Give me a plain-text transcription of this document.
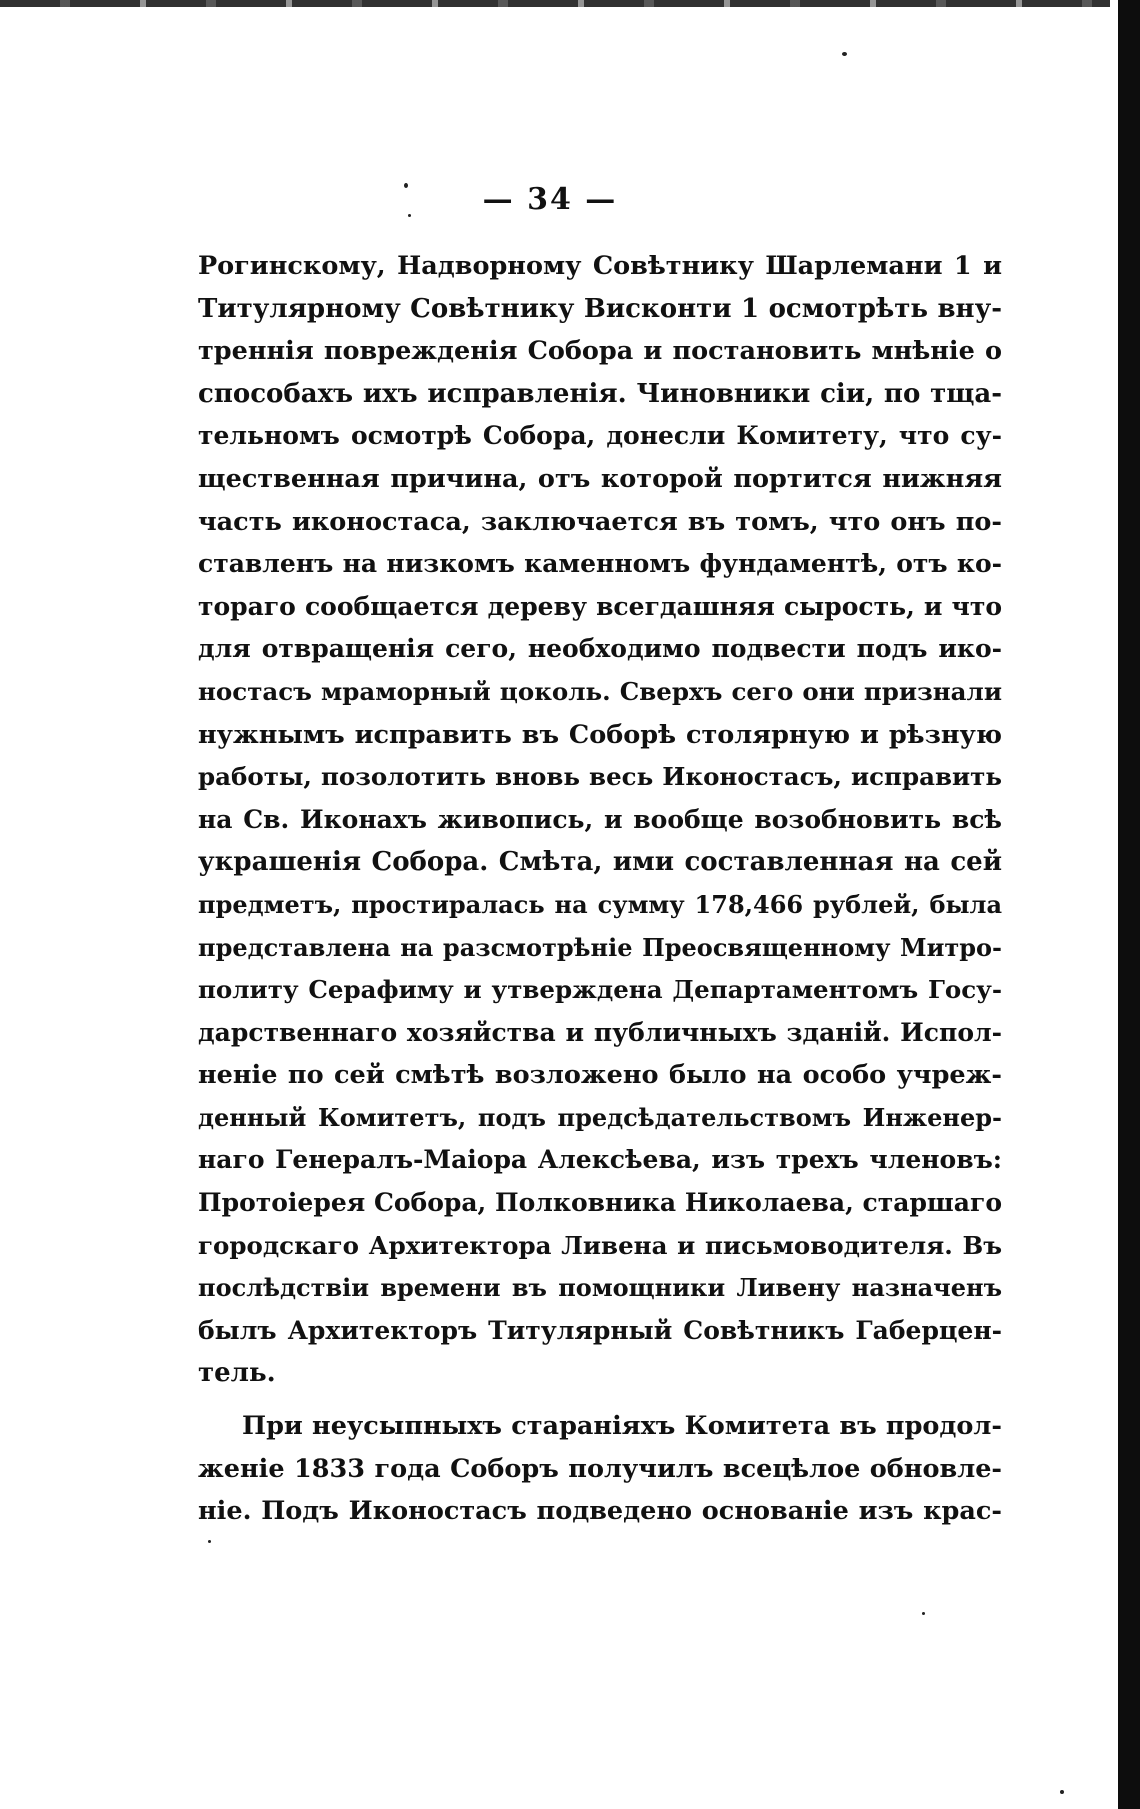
— 34 —
Рогинскому, Надворному Совѣтнику Шарлемани 1 и
Титулярному Совѣтнику Висконти 1 осмотрѣть вну-
треннія поврежденія Собора и постановить мнѣніе о
способахъ ихъ исправленія. Чиновники сіи, по тща-
тельномъ осмотрѣ Собора, донесли Комитету, что су-
щественная причина, отъ которой портится нижняя
часть иконостаса, заключается въ томъ, что онъ по-
ставленъ на низкомъ каменномъ фундаментѣ, отъ ко-
тораго сообщается дереву всегдашняя сырость, и что
для отвращенія сего, необходимо подвести подъ ико-
ностасъ мраморный цоколь. Сверхъ сего они признали
нужнымъ исправить въ Соборѣ столярную и рѣзную
работы, позолотить вновь весь Иконостасъ, исправить
на Св. Иконахъ живопись, и вообще возобновить всѣ
украшенія Собора. Смѣта, ими составленная на сей
предметъ, простиралась на сумму 178,466 рублей, была
представлена на разсмотрѣніе Преосвященному Митро-
политу Серафиму и утверждена Департаментомъ Госу-
дарственнаго хозяйства и публичныхъ зданій. Испол-
неніе по сей смѣтѣ возложено было на особо учреж-
денный Комитетъ, подъ предсѣдательствомъ Инженер-
наго Генералъ-Маіора Алексѣева, изъ трехъ членовъ:
Протоіерея Собора, Полковника Николаева, старшаго
городскаго Архитектора Ливена и письмоводителя. Въ
послѣдствіи времени въ помощники Ливену назначенъ
былъ Архитекторъ Титулярный Совѣтникъ Габерцен-
тель.
При неусыпныхъ стараніяхъ Комитета въ продол-
женіе 1833 года Соборъ получилъ всецѣлое обновле-
ніе. Подъ Иконостасъ подведено основаніе изъ крас-
